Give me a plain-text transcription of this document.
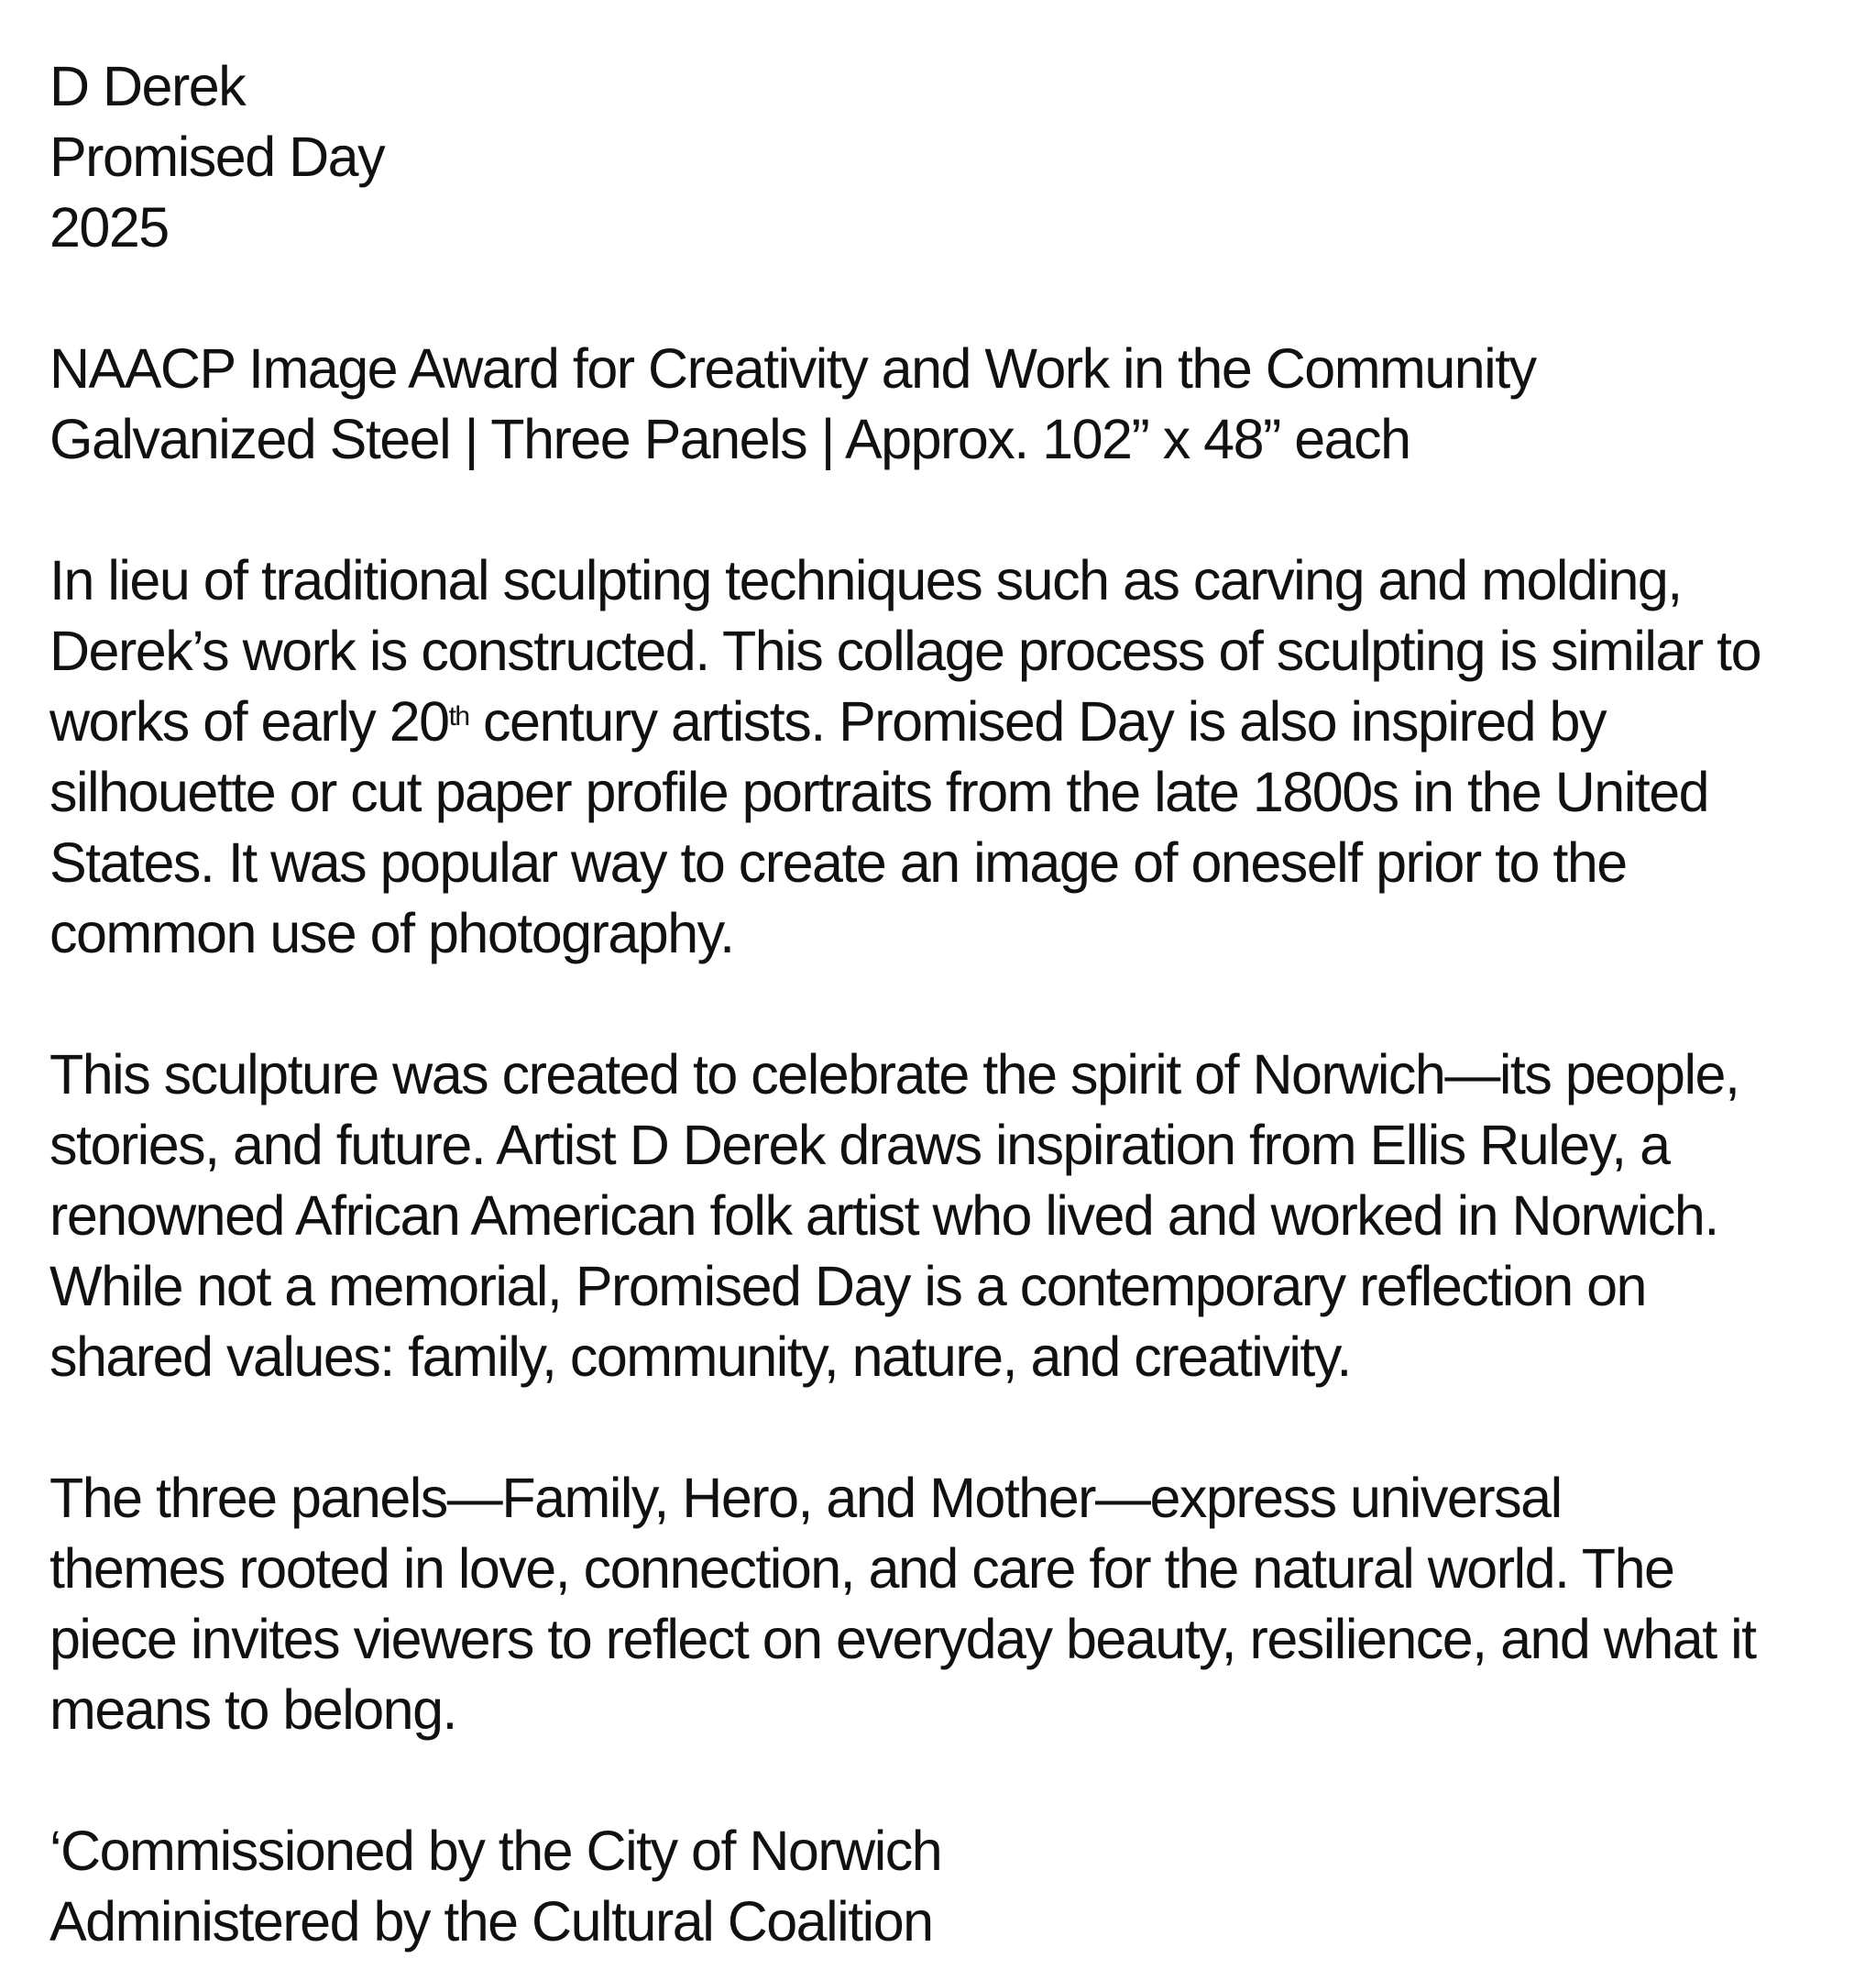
D Derek
Promised Day
2025
NAACP Image Award for Creativity and Work in the Community
Galvanized Steel | Three Panels | Approx. 102” x 48” each
In lieu of traditional sculpting techniques such as carving and molding,
Derek’s work is constructed. This collage process of sculpting is similar to
works of early 20th century artists. Promised Day is also inspired by
silhouette or cut paper profile portraits from the late 1800s in the United
States. It was popular way to create an image of oneself prior to the
common use of photography.
This sculpture was created to celebrate the spirit of Norwich—its people,
stories, and future. Artist D Derek draws inspiration from Ellis Ruley, a
renowned African American folk artist who lived and worked in Norwich.
While not a memorial, Promised Day is a contemporary reflection on
shared values: family, community, nature, and creativity.
The three panels—Family, Hero, and Mother—express universal
themes rooted in love, connection, and care for the natural world. The
piece invites viewers to reflect on everyday beauty, resilience, and what it
means to belong.
‘Commissioned by the City of Norwich
Administered by the Cultural Coalition
